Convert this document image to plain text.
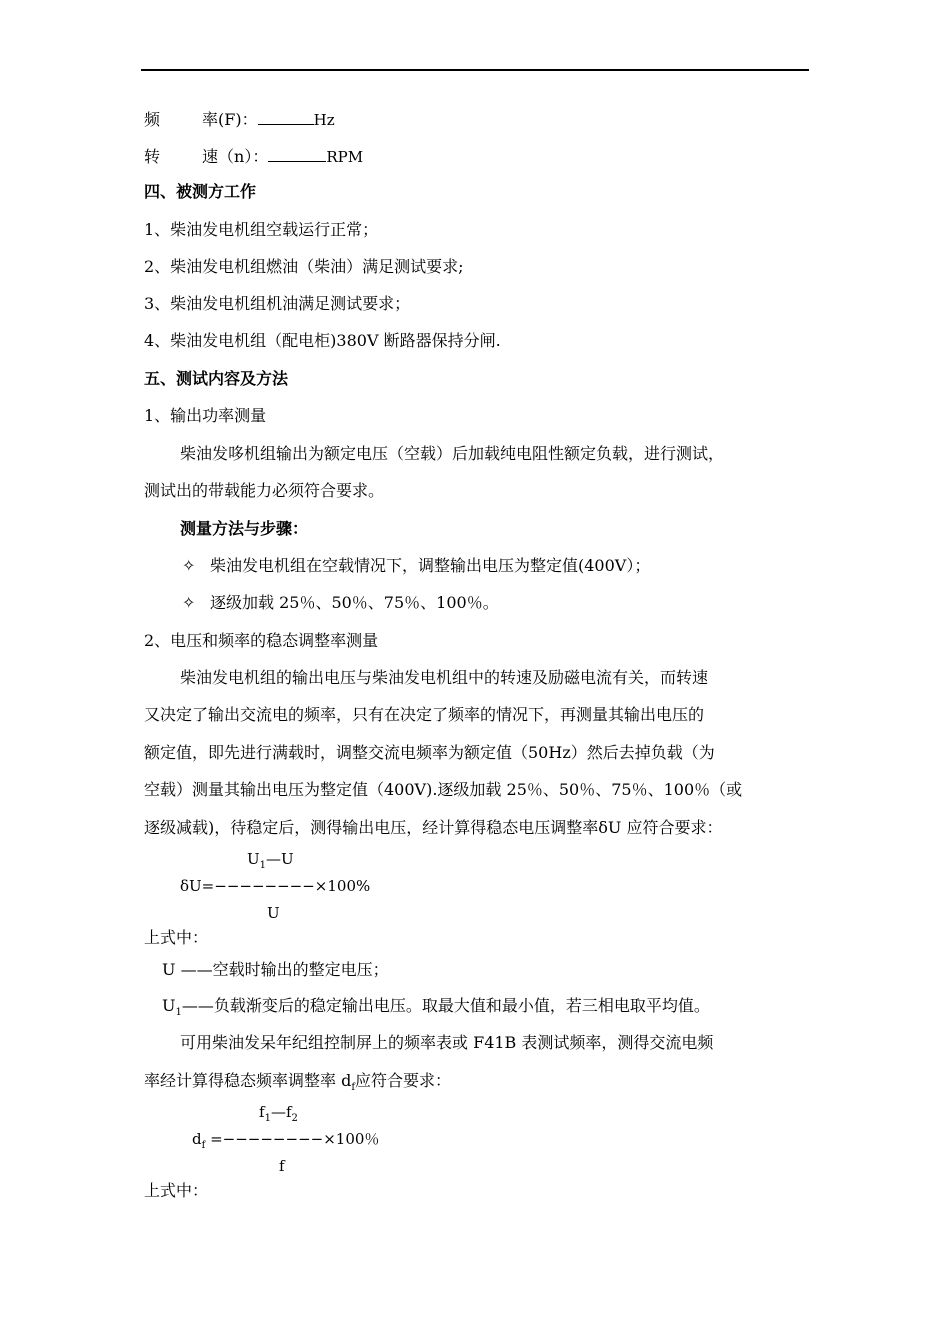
频	率(F)：	Hz
转	速（n）：	RPM
四、被测方工作
1、柴油发电机组空载运行正常；
2、柴油发电机组燃油（柴油）满足测试要求;
3、柴油发电机组机油满足测试要求；
4、柴油发电机组（配电柜)380V 断路器保持分闸.
五、测试内容及方法
1、输出功率测量
柴油发哆机组输出为额定电压（空载）后加载纯电阻性额定负载，进行测试，
测试出的带载能力必须符合要求。
测量方法与步骤：
✧ 柴油发电机组在空载情况下，调整输出电压为整定值(400V）；
✧ 逐级加载 25％、50％、75％、100％。
2、电压和频率的稳态调整率测量
柴油发电机组的输出电压与柴油发电机组中的转速及励磁电流有关，而转速
又决定了输出交流电的频率，只有在决定了频率的情况下，再测量其输出电压的
额定值，即先进行满载时，调整交流电频率为额定值（50Hz）然后去掉负载（为
空载）测量其输出电压为整定值（400V).逐级加载 25％、50％、75％、100％（或
逐级减载)，待稳定后，测得输出电压，经计算得稳态电压调整率δU 应符合要求：
$U_1—U$
δU=−−−−−−−−×100%
U
上式中：
U ——空载时输出的整定电压；
$U_1——$负载渐变后的稳定输出电压。取最大值和最小值，若三相电取平均值。
可用柴油发呆年纪组控制屏上的频率表或 F41B 表测试频率，测得交流电频
率经计算得稳态频率调整率 $d_f$应符合要求：
$f_1—f_2$
$d_f =--------\times 100$％
f
上式中：
